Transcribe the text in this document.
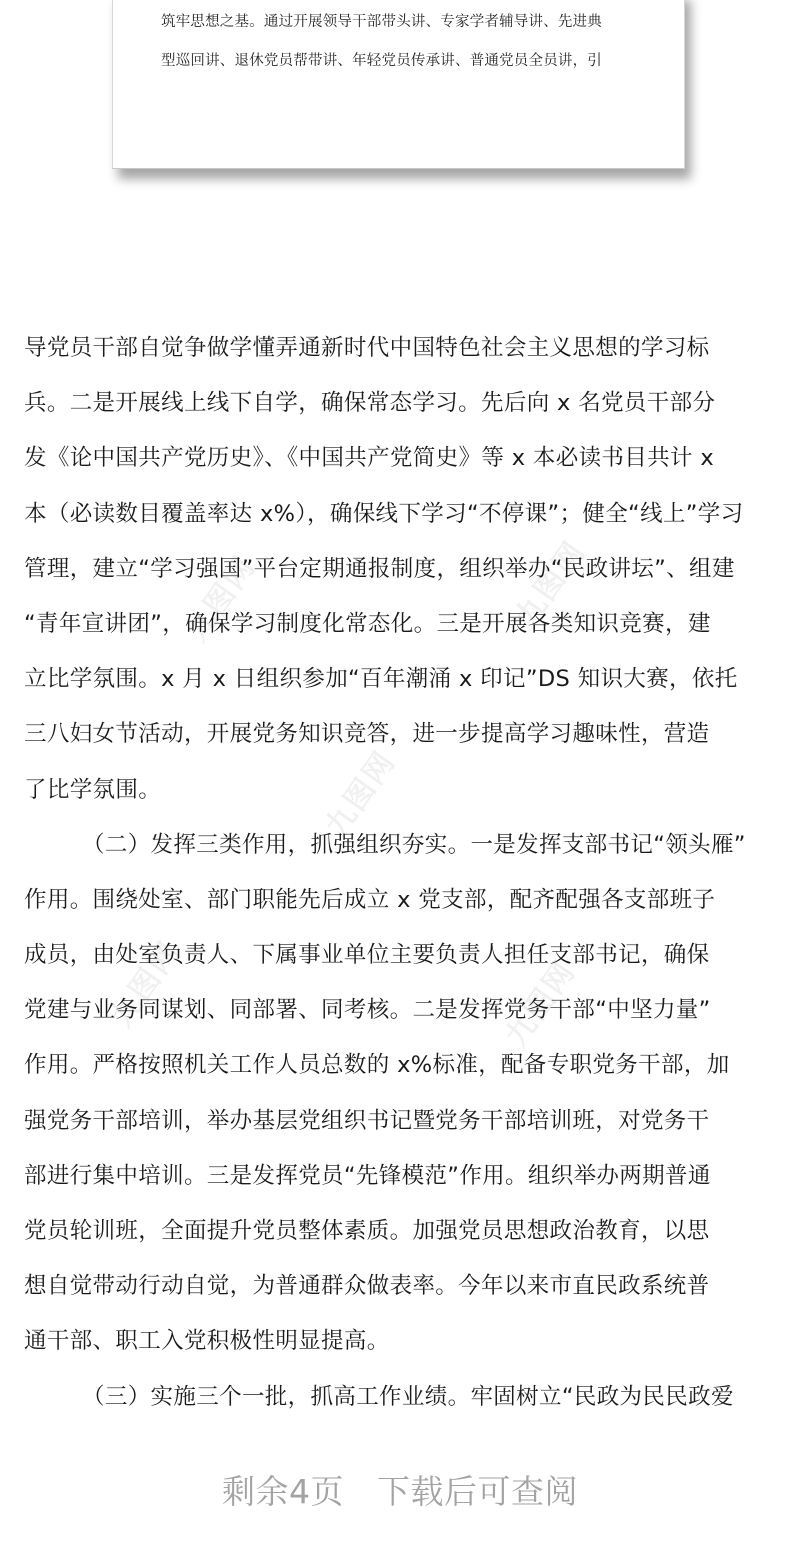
筑牢思想之基。通过开展领导干部带头讲、专家学者辅导讲、先进典
型巡回讲、退休党员帮带讲、年轻党员传承讲、普通党员全员讲，引
九图网	九图网
九图网
九图网	九图网
导党员干部自觉争做学懂弄通新时代中国特色社会主义思想的学习标
兵。二是开展线上线下自学，确保常态学习。先后向 x 名党员干部分
发《论中国共产党历史》、《中国共产党简史》等 x 本必读书目共计 x
本（必读数目覆盖率达 x%），确保线下学习“不停课”；健全“线上”学习
管理，建立“学习强国”平台定期通报制度，组织举办“民政讲坛”、组建
“青年宣讲团”，确保学习制度化常态化。三是开展各类知识竞赛，建
立比学氛围。x 月 x 日组织参加“百年潮涌 x 印记”DS 知识大赛，依托
三八妇女节活动，开展党务知识竞答，进一步提高学习趣味性，营造
了比学氛围。
（二）发挥三类作用，抓强组织夯实。一是发挥支部书记“领头雁”
作用。围绕处室、部门职能先后成立 x 党支部，配齐配强各支部班子
成员，由处室负责人、下属事业单位主要负责人担任支部书记，确保
党建与业务同谋划、同部署、同考核。二是发挥党务干部“中坚力量”
作用。严格按照机关工作人员总数的 x%标准，配备专职党务干部，加
强党务干部培训，举办基层党组织书记暨党务干部培训班，对党务干
部进行集中培训。三是发挥党员“先锋模范”作用。组织举办两期普通
党员轮训班，全面提升党员整体素质。加强党员思想政治教育，以思
想自觉带动行动自觉，为普通群众做表率。今年以来市直民政系统普
通干部、职工入党积极性明显提高。
（三）实施三个一批，抓高工作业绩。牢固树立“民政为民民政爱
剩余4页   下载后可查阅
